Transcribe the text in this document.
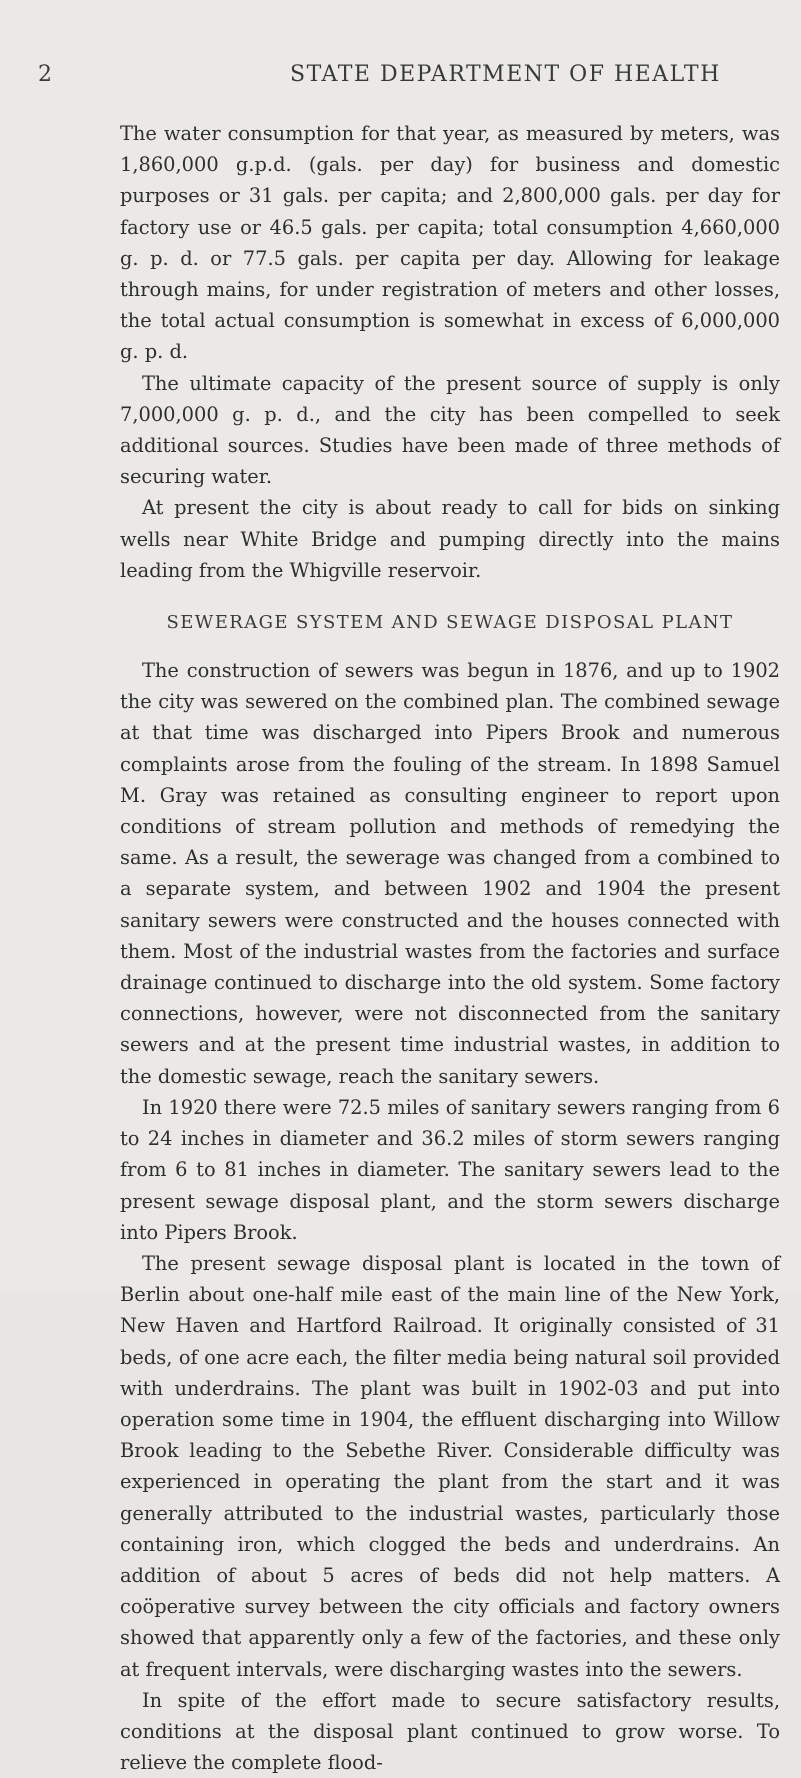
2	STATE DEPARTMENT OF HEALTH

The water consumption for that year, as measured by meters, was 1,860,000 g.p.d. (gals. per day) for business and domestic purposes or 31 gals. per capita; and 2,800,000 gals. per day for factory use or 46.5 gals. per capita; total consumption 4,660,000 g. p. d. or 77.5 gals. per capita per day. Allowing for leakage through mains, for under registration of meters and other losses, the total actual consumption is somewhat in excess of 6,000,000 g. p. d.

The ultimate capacity of the present source of supply is only 7,000,000 g. p. d., and the city has been compelled to seek additional sources. Studies have been made of three methods of securing water.

At present the city is about ready to call for bids on sinking wells near White Bridge and pumping directly into the mains leading from the Whigville reservoir.

SEWERAGE SYSTEM AND SEWAGE DISPOSAL PLANT

The construction of sewers was begun in 1876, and up to 1902 the city was sewered on the combined plan. The combined sewage at that time was discharged into Pipers Brook and numerous complaints arose from the fouling of the stream. In 1898 Samuel M. Gray was retained as consulting engineer to report upon conditions of stream pollution and methods of remedying the same. As a result, the sewerage was changed from a combined to a separate system, and between 1902 and 1904 the present sanitary sewers were constructed and the houses connected with them. Most of the industrial wastes from the factories and surface drainage continued to discharge into the old system. Some factory connections, however, were not disconnected from the sanitary sewers and at the present time industrial wastes, in addition to the domestic sewage, reach the sanitary sewers.

In 1920 there were 72.5 miles of sanitary sewers ranging from 6 to 24 inches in diameter and 36.2 miles of storm sewers ranging from 6 to 81 inches in diameter. The sanitary sewers lead to the present sewage disposal plant, and the storm sewers discharge into Pipers Brook.

The present sewage disposal plant is located in the town of Berlin about one-half mile east of the main line of the New York, New Haven and Hartford Railroad. It originally consisted of 31 beds, of one acre each, the filter media being natural soil provided with underdrains. The plant was built in 1902-03 and put into operation some time in 1904, the effluent discharging into Willow Brook leading to the Sebethe River. Considerable difficulty was experienced in operating the plant from the start and it was generally attributed to the industrial wastes, particularly those containing iron, which clogged the beds and underdrains. An addition of about 5 acres of beds did not help matters. A coöperative survey between the city officials and factory owners showed that apparently only a few of the factories, and these only at frequent intervals, were discharging wastes into the sewers.

In spite of the effort made to secure satisfactory results, conditions at the disposal plant continued to grow worse. To relieve the complete flood-
